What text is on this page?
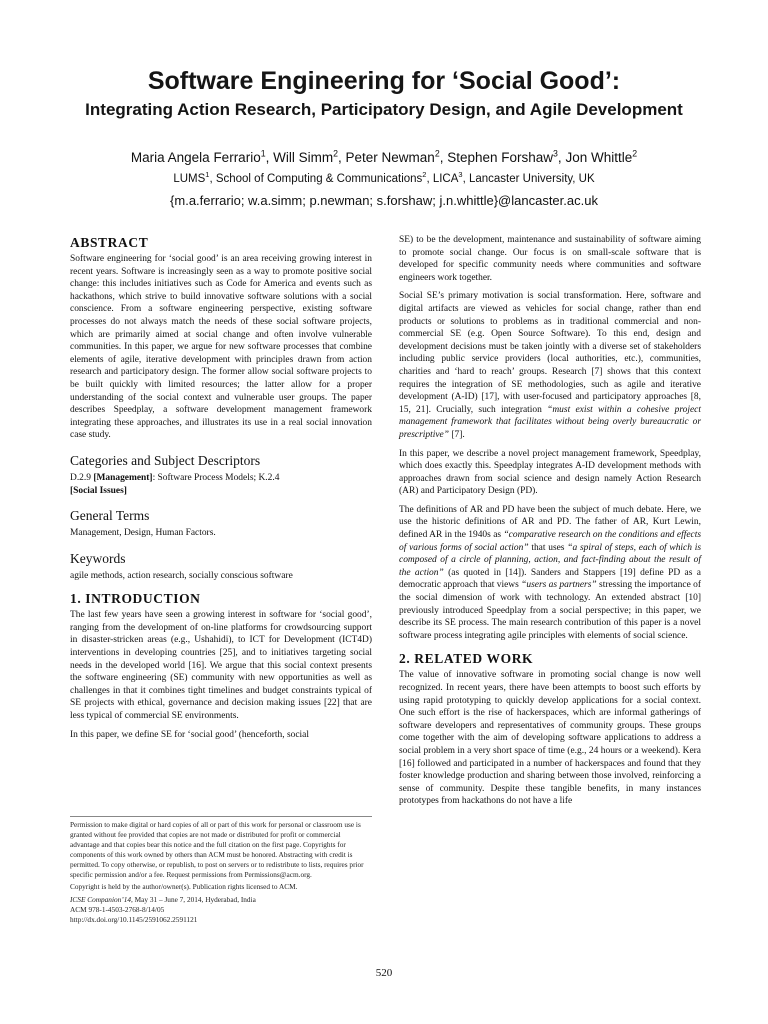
Software Engineering for ‘Social Good’:
Integrating Action Research, Participatory Design, and Agile Development
Maria Angela Ferrario$^1$, Will Simm$^2$, Peter Newman$^2$, Stephen Forshaw$^3$, Jon Whittle$^2$
LUMS$^1$, School of Computing & Communications$^2$, LICA$^3$, Lancaster University, UK
{m.a.ferrario; w.a.simm; p.newman; s.forshaw; j.n.whittle}@lancaster.ac.uk
ABSTRACT

Software engineering for ‘social good’ is an area receiving growing interest in recent years. Software is increasingly seen as a way to promote positive social change: this includes initiatives such as Code for America and events such as hackathons, which strive to build innovative software solutions with a social conscience. From a software engineering perspective, existing software processes do not always match the needs of these social software projects, which are primarily aimed at social change and often involve vulnerable communities. In this paper, we argue for new software processes that combine elements of agile, iterative development with principles drawn from action research and participatory design. The former allow social software projects to be built quickly with limited resources; the latter allow for a proper understanding of the social context and vulnerable user groups. The paper describes Speedplay, a software development management framework integrating these approaches, and illustrates its use in a real social innovation case study.

Categories and Subject Descriptors

D.2.9 [Management]: Software Process Models; K.2.4
[Social Issues]

General Terms

Management, Design, Human Factors.

Keywords

agile methods, action research, socially conscious software

1. INTRODUCTION

The last few years have seen a growing interest in software for ‘social good’, ranging from the development of on-line platforms for crowdsourcing support in disaster-stricken areas (e.g., Ushahidi), to ICT for Development (ICT4D) interventions in developing countries [25], and to initiatives targeting social needs in the developed world [16]. We argue that this social context presents the software engineering (SE) community with new opportunities as well as challenges in that it combines tight timelines and budget constraints typical of SE projects with ethical, governance and decision making issues [22] that are less typical of commercial SE environments.

In this paper, we define SE for ‘social good’ (henceforth, social

Permission to make digital or hard copies of all or part of this work for personal or classroom use is granted without fee provided that copies are not made or distributed for profit or commercial advantage and that copies bear this notice and the full citation on the first page. Copyrights for components of this work owned by others than ACM must be honored. Abstracting with credit is permitted. To copy otherwise, or republish, to post on servers or to redistribute to lists, requires prior specific permission and/or a fee. Request permissions from Permissions@acm.org.

Copyright is held by the author/owner(s). Publication rights licensed to ACM.

ICSE Companion’14, May 31 – June 7, 2014, Hyderabad, India
ACM 978-1-4503-2768-8/14/05
http://dx.doi.org/10.1145/2591062.2591121

SE) to be the development, maintenance and sustainability of software aiming to promote social change. Our focus is on small-scale software that is developed for specific community needs where communities and software engineers work together.

Social SE’s primary motivation is social transformation. Here, software and digital artifacts are viewed as vehicles for social change, rather than end products or solutions to problems as in traditional commercial and non-commercial SE (e.g. Open Source Software). To this end, design and development decisions must be taken jointly with a diverse set of stakeholders including public service providers (local authorities, etc.), communities, charities and ‘hard to reach’ groups. Research [7] shows that this context requires the integration of SE methodologies, such as agile and iterative development (A-ID) [17], with user-focused and participatory approaches [8, 15, 21]. Crucially, such integration “must exist within a cohesive project management framework that facilitates without being overly bureaucratic or prescriptive” [7].

In this paper, we describe a novel project management framework, Speedplay, which does exactly this. Speedplay integrates A-ID development methods with approaches drawn from social science and design namely Action Research (AR) and Participatory Design (PD).

The definitions of AR and PD have been the subject of much debate. Here, we use the historic definitions of AR and PD. The father of AR, Kurt Lewin, defined AR in the 1940s as “comparative research on the conditions and effects of various forms of social action” that uses “a spiral of steps, each of which is composed of a circle of planning, action, and fact-finding about the result of the action” (as quoted in [14]). Sanders and Stappers [19] define PD as a democratic approach that views “users as partners” stressing the importance of the social dimension of work with technology. An extended abstract [10] previously introduced Speedplay from a social perspective; in this paper, we describe its SE process. The main research contribution of this paper is a novel software process integrating agile principles with elements of social science.

2. RELATED WORK

The value of innovative software in promoting social change is now well recognized. In recent years, there have been attempts to boost such efforts by using rapid prototyping to quickly develop applications for a social context. One such effort is the rise of hackerspaces, which are informal gatherings of software developers and representatives of community groups. These groups come together with the aim of developing software applications to address a social problem in a very short space of time (e.g., 24 hours or a weekend). Kera [16] followed and participated in a number of hackerspaces and found that they foster knowledge production and sharing between those involved, reinforcing a sense of community. Despite these tangible benefits, in many instances prototypes from hackathons do not have a life

520
